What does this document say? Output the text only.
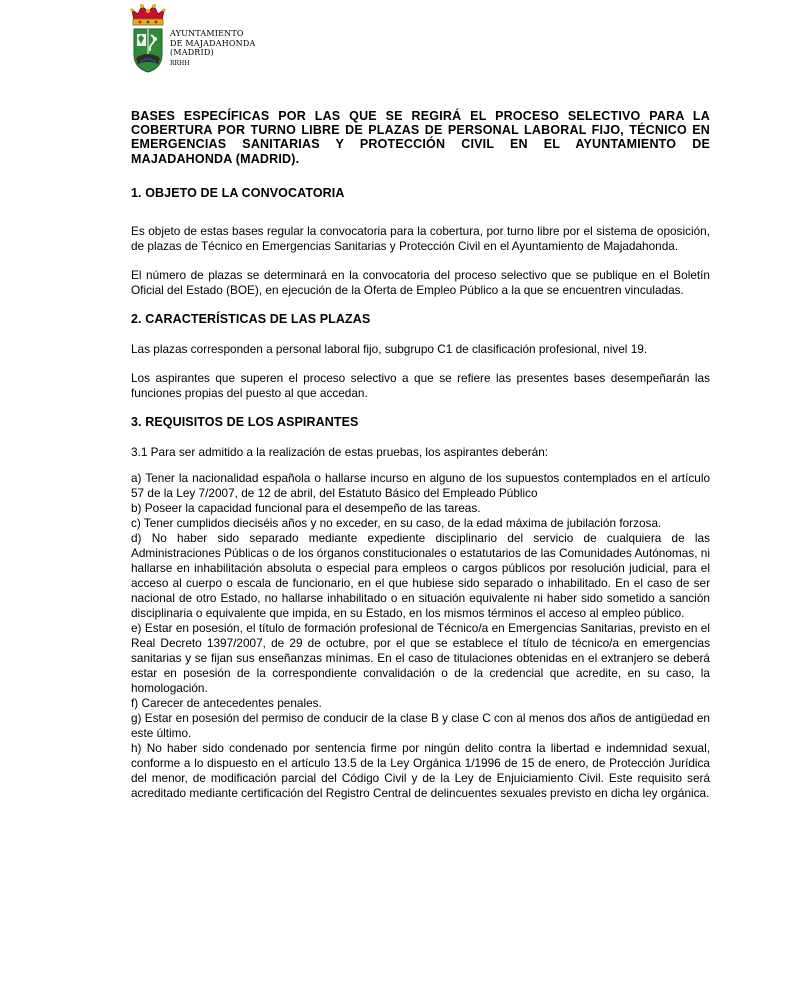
AYUNTAMIENTO
DE MAJADAHONDA
(MADRID)
RRHH

BASES ESPECÍFICAS POR LAS QUE SE REGIRÁ EL PROCESO SELECTIVO PARA LA COBERTURA POR TURNO LIBRE DE PLAZAS DE PERSONAL LABORAL FIJO, TÉCNICO EN EMERGENCIAS SANITARIAS Y PROTECCIÓN CIVIL EN EL AYUNTAMIENTO DE MAJADAHONDA (MADRID).

1. OBJETO DE LA CONVOCATORIA

Es objeto de estas bases regular la convocatoria para la cobertura, por turno libre por el sistema de oposición, de plazas de Técnico en Emergencias Sanitarias y Protección Civil en el Ayuntamiento de Majadahonda.

El número de plazas se determinará en la convocatoria del proceso selectivo que se publique en el Boletín Oficial del Estado (BOE), en ejecución de la Oferta de Empleo Público a la que se encuentren vinculadas.

2. CARACTERÍSTICAS DE LAS PLAZAS

Las plazas corresponden a personal laboral fijo, subgrupo C1 de clasificación profesional, nivel 19.

Los aspirantes que superen el proceso selectivo a que se refiere las presentes bases desempeñarán las funciones propias del puesto al que accedan.

3. REQUISITOS DE LOS ASPIRANTES

3.1 Para ser admitido a la realización de estas pruebas, los aspirantes deberán:

a) Tener la nacionalidad española o hallarse incurso en alguno de los supuestos contemplados en el artículo 57 de la Ley 7/2007, de 12 de abril, del Estatuto Básico del Empleado Público

b) Poseer la capacidad funcional para el desempeño de las tareas.

c) Tener cumplidos dieciséis años y no exceder, en su caso, de la edad máxima de jubilación forzosa.

d) No haber sido separado mediante expediente disciplinario del servicio de cualquiera de las Administraciones Públicas o de los órganos constitucionales o estatutarios de las Comunidades Autónomas, ni hallarse en inhabilitación absoluta o especial para empleos o cargos públicos por resolución judicial, para el acceso al cuerpo o escala de funcionario, en el que hubiese sido separado o inhabilitado. En el caso de ser nacional de otro Estado, no hallarse inhabilitado o en situación equivalente ni haber sido sometido a sanción disciplinaria o equivalente que impida, en su Estado, en los mismos términos el acceso al empleo público.

e) Estar en posesión, el título de formación profesional de Técnico/a en Emergencias Sanitarias, previsto en el Real Decreto 1397/2007, de 29 de octubre, por el que se establece el título de técnico/a en emergencias sanitarias y se fijan sus enseñanzas mínimas. En el caso de titulaciones obtenidas en el extranjero se deberá estar en posesión de la correspondiente convalidación o de la credencial que acredite, en su caso, la homologación.

f) Carecer de antecedentes penales.

g) Estar en posesión del permiso de conducir de la clase B y clase C con al menos dos años de antigüedad en este último.

h) No haber sido condenado por sentencia firme por ningún delito contra la libertad e indemnidad sexual, conforme a lo dispuesto en el artículo 13.5 de la Ley Orgánica 1/1996 de 15 de enero, de Protección Jurídica del menor, de modificación parcial del Código Civil y de la Ley de Enjuiciamiento Civil. Este requisito será acreditado mediante certificación del Registro Central de delincuentes sexuales previsto en dicha ley orgánica.
